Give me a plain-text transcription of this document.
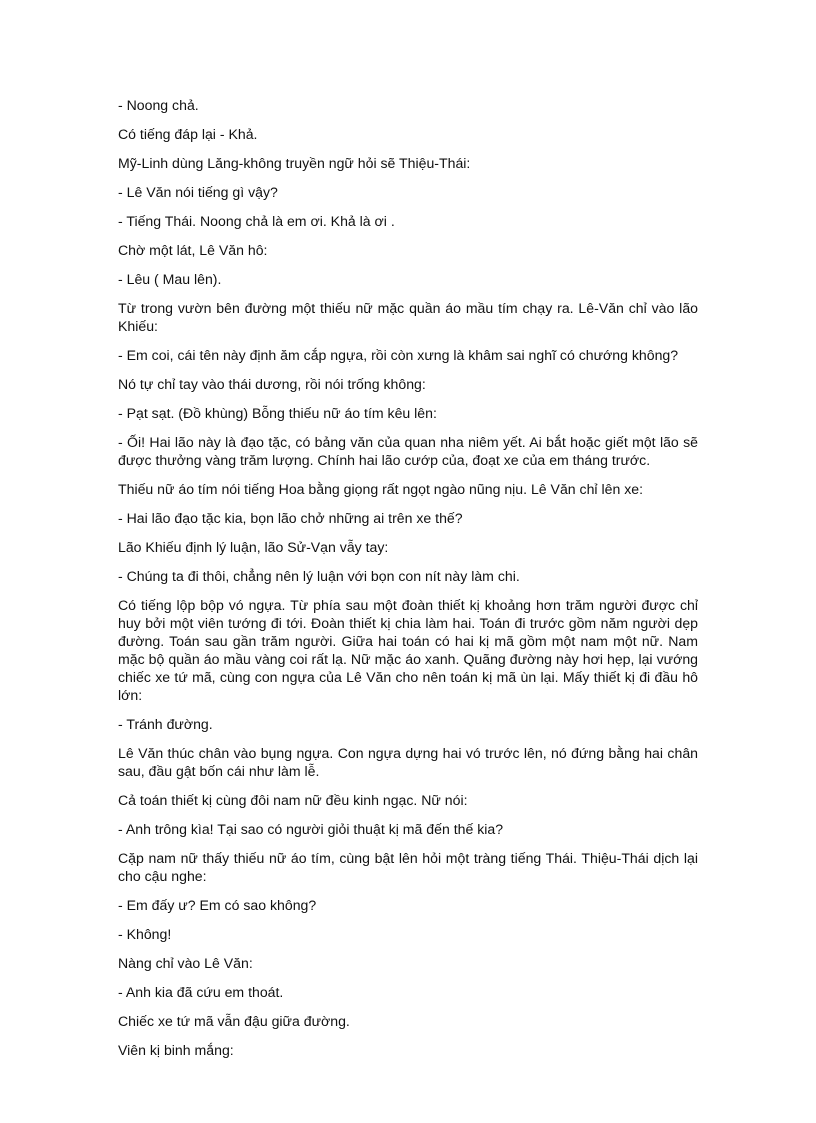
- Noong chả.

Có tiếng đáp lại - Khả.

Mỹ-Linh dùng Lăng-không truyền ngữ hỏi sẽ Thiệu-Thái:

- Lê Văn nói tiếng gì vậy?

- Tiếng Thái. Noong chả là em ơi. Khả là ơi .

Chờ một lát, Lê Văn hô:

- Lêu ( Mau lên).

Từ trong vườn bên đường một thiếu nữ mặc quần áo mầu tím chạy ra. Lê-Văn chỉ vào lão Khiếu:

- Em coi, cái tên này định ăm cắp ngựa, rồi còn xưng là khâm sai nghĩ có chướng không?

Nó tự chỉ tay vào thái dương, rồi nói trống không:

- Pạt sạt. (Đồ khùng) Bỗng thiếu nữ áo tím kêu lên:

- Ối! Hai lão này là đạo tặc, có bảng văn của quan nha niêm yết. Ai bắt hoặc giết một lão sẽ được thưởng vàng trăm lượng. Chính hai lão cướp của, đoạt xe của em tháng trước.

Thiếu nữ áo tím nói tiếng Hoa bằng giọng rất ngọt ngào nũng nịu. Lê Văn chỉ lên xe:

- Hai lão đạo tặc kia, bọn lão chở những ai trên xe thế?

Lão Khiếu định lý luận, lão Sử-Vạn vẫy tay:

- Chúng ta đi thôi, chẳng nên lý luận với bọn con nít này làm chi.

Có tiếng lộp bộp vó ngựa. Từ phía sau một đoàn thiết kị khoảng hơn trăm người được chỉ huy bởi một viên tướng đi tới. Đoàn thiết kị chia làm hai. Toán đi trước gồm năm người dẹp đường. Toán sau gần trăm người. Giữa hai toán có hai kị mã gồm một nam một nữ. Nam mặc bộ quần áo mầu vàng coi rất lạ. Nữ mặc áo xanh. Quãng đường này hơi hẹp, lại vướng chiếc xe tứ mã, cùng con ngựa của Lê Văn cho nên toán kị mã ùn lại. Mấy thiết kị đi đầu hô lớn:

- Tránh đường.

Lê Văn thúc chân vào bụng ngựa. Con ngựa dựng hai vó trước lên, nó đứng bằng hai chân sau, đầu gật bốn cái như làm lễ.

Cả toán thiết kị cùng đôi nam nữ đều kinh ngạc. Nữ nói:

- Anh trông kìa! Tại sao có người giỏi thuật kị mã đến thế kia?

Cặp nam nữ thấy thiếu nữ áo tím, cùng bật lên hỏi một tràng tiếng Thái. Thiệu-Thái dịch lại cho cậu nghe:

- Em đấy ư? Em có sao không?

- Không!

Nàng chỉ vào Lê Văn:

- Anh kia đã cứu em thoát.

Chiếc xe tứ mã vẫn đậu giữa đường.

Viên kị binh mắng:
